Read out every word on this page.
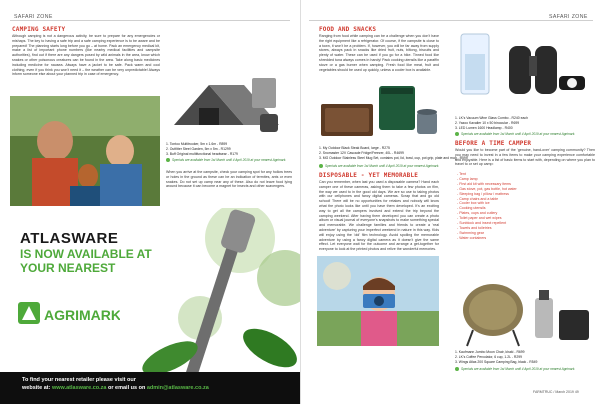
SAFARI ZONE
CAMPING SAFETY
Although camping is not a dangerous activity, be sure to prepare for any emergencies or mishaps. The key to having a safe trip and a safe camping experience is to be aware and be prepared! The planning starts long before you go – at home. Pack an emergency medical kit, make a list of important phone numbers (like nearby medical facilities and campsite authorities), find out if there are any dangers posed by wild animals in the area, know which snakes or other poisonous creatures can be found in the area. Take along basic medicines including medicine for nausea. Always have a jacket to be safe. Pack warm and cool clothing, even if you think you won't need it – the weather can be very unpredictable! Always inform someone else about your planned trip in case of emergency.
1. Tontoo Multitrooker, 5m x 1.6m - R899
2. Outfitter Steel Garden, 5m x 5m - R1299
3. Buff Original multifunctional headwear - R179
Specials are available from 1st March until 4 April 2019 at your nearest Agrimark.
When you arrive at the campsite, check your camping spot for any hollow trees or holes in the ground as these can be an indication of termites, ants or even snakes. Do not set up camp near any of these. Also do not leave food lying around because it can become a magnet for insects and other scavengers.
ATLASWARE
IS NOW AVAILABLE AT YOUR NEAREST
AGRIMARK
To find your nearest retailer please visit our
website at: www.atlasware.co.za or email us on admin@atlasware.co.za
SAFARI ZONE
FOOD AND SNACKS
Ranging from food while camping can be a challenge when you don't have the right equipment like a refrigerator. Of course, if the campsite is close to a town, it won't be a problem. If, however, you will be far away from supply stores, always pack in snacks like dried fruit, nuts, biltong, biscuits and plenty of water. These can be used if you go for a hike. Tinned food like shredded tuna always comes in handy! Pack cooking utensils like a paraffin stove or a gas burner when camping. Fresh food like meat, fruit and vegetables should be used up quickly, unless a cooler box is available.
1. My Outdoor Black Steak Board, large - R275
2. Snomaster 12V Cascade Fridge/Freezer, 40L - R4699
3. MG Outdoor Stainless Steel Mug Set, contains pot, lid, bowl, cup, pot grip, plate and mug - R599
Specials are available from 1st March until 4 April 2019 at your nearest Agrimark.
DISPOSABLE - YET MEMORABLE
Can you remember, when last you used a disposable camera? Hand each camper one of these cameras, asking them to take a few photos on film, the way we used to in the good old days. We are so use to taking photos with our cellphones and fancy digital cameras. Scrap that and go old school! There will be no opportunities for retakes and nobody will know what the photo looks like until you have them developed. It's an exciting way to get all the campers involved and extend the trip beyond the camping weekend. After having them developed you can create a photo album or visual journal of everyone's snapshots to make something special and memorable. We challenge families and friends to create a 'real adventure' by capturing your imperfect weekend in nature in this way. Kids will enjoy using the 'old' film technology. Avoid spoiling the memorable adventure by using a fancy digital camera as it doesn't give the same effect. Let everyone wait for the outcome and arrange a get-together for everyone to look at the printed photos and relive the wonderful memories.
1. LK's Vacuum Wine Glass Combo - R240 each
2. Yazoo Kavalier 10 x 50 binocular - R699
3. LED Lumen 1600 Headlamp - R400
Specials are available from 1st March until 4 April 2019 at your nearest Agrimark.
BEFORE A TIME CAMPER
Would you like to become part of the 'genuine, hand-over' camping community? Then you may need to invest in a few items to make your camping experience comfortable and enjoyable. Here is a list of basic items to start with, depending on where you plan to travel to or set up camp:
- Tent
- Camp lamp
- First aid kit with necessary items
- Gas stove, pot, gas bottle, hot water
- Sleeping bag / pillow / mattress
- Camp chairs and a table
- Cooler box with ice
- Cooking utensils
- Plates, cups and cutlery
- Toilet paper and wet wipes
- Sunblock and insect repellent
- Towels and toiletries
- Swimming gear
- Water containers
1. Kaufmann Jumbo Moon Chair, khaki - R699
2. LK's Coffee Percolator, 6 cup, 1.2L - R299
3. Wings Atlas 200 Square Camping Bag, black - R549
Specials are available from 1st March until 4 April 2019 at your nearest Agrimark.
FARMTRUC / March 2019 49
